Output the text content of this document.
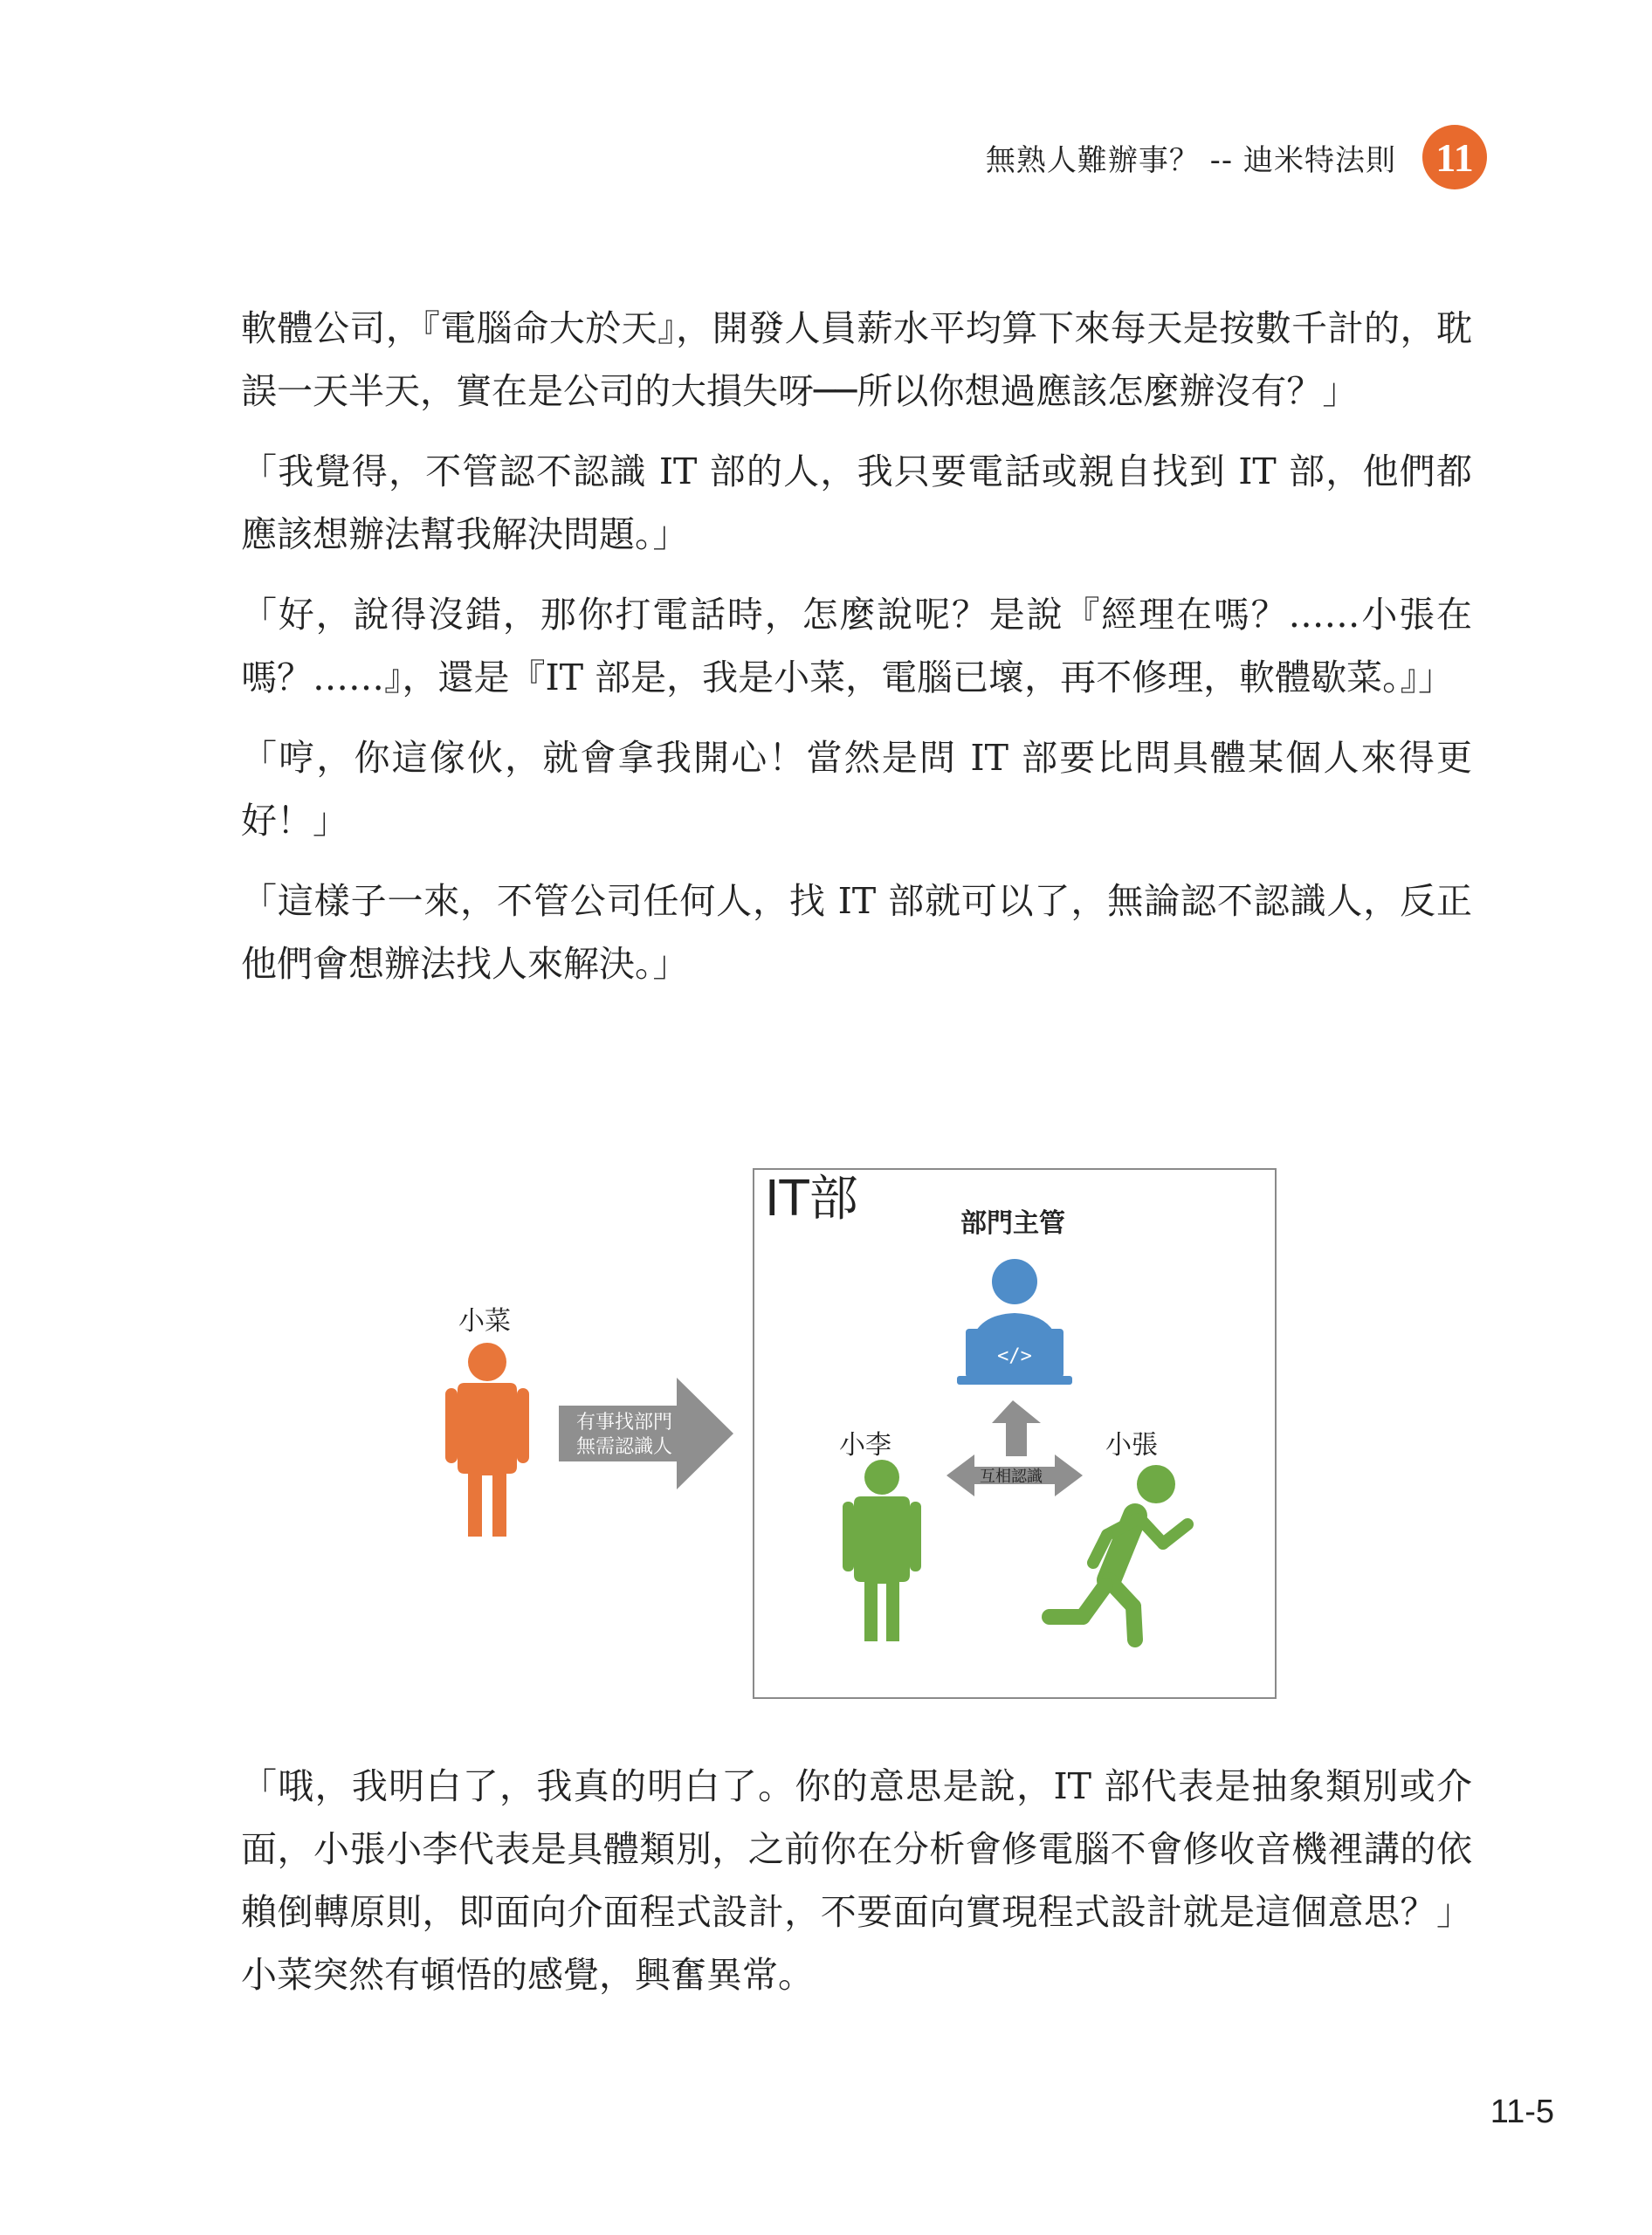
無熟人難辦事？ -- 迪米特法則 11

軟體公司，『電腦命大於天』，開發人員薪水平均算下來每天是按數千計的，耽誤一天半天，實在是公司的大損失呀──所以你想過應該怎麼辦沒有？」

「我覺得，不管認不認識 IT 部的人，我只要電話或親自找到 IT 部，他們都應該想辦法幫我解決問題。」

「好，說得沒錯，那你打電話時，怎麼說呢？是說『經理在嗎？……小張在嗎？……』，還是『IT 部是，我是小菜，電腦已壞，再不修理，軟體歇菜。』」

「哼，你這傢伙，就會拿我開心！當然是問 IT 部要比問具體某個人來得更好！」

「這樣子一來，不管公司任何人，找 IT 部就可以了，無論認不認識人，反正他們會想辦法找人來解決。」

</>
IT部	部門主管
小菜
有事找部門
無需認識人	小李	小張
互相認識

「哦，我明白了，我真的明白了。你的意思是說，IT 部代表是抽象類別或介面，小張小李代表是具體類別，之前你在分析會修電腦不會修收音機裡講的依賴倒轉原則，即面向介面程式設計，不要面向實現程式設計就是這個意思？」小菜突然有頓悟的感覺，興奮異常。

11-5
